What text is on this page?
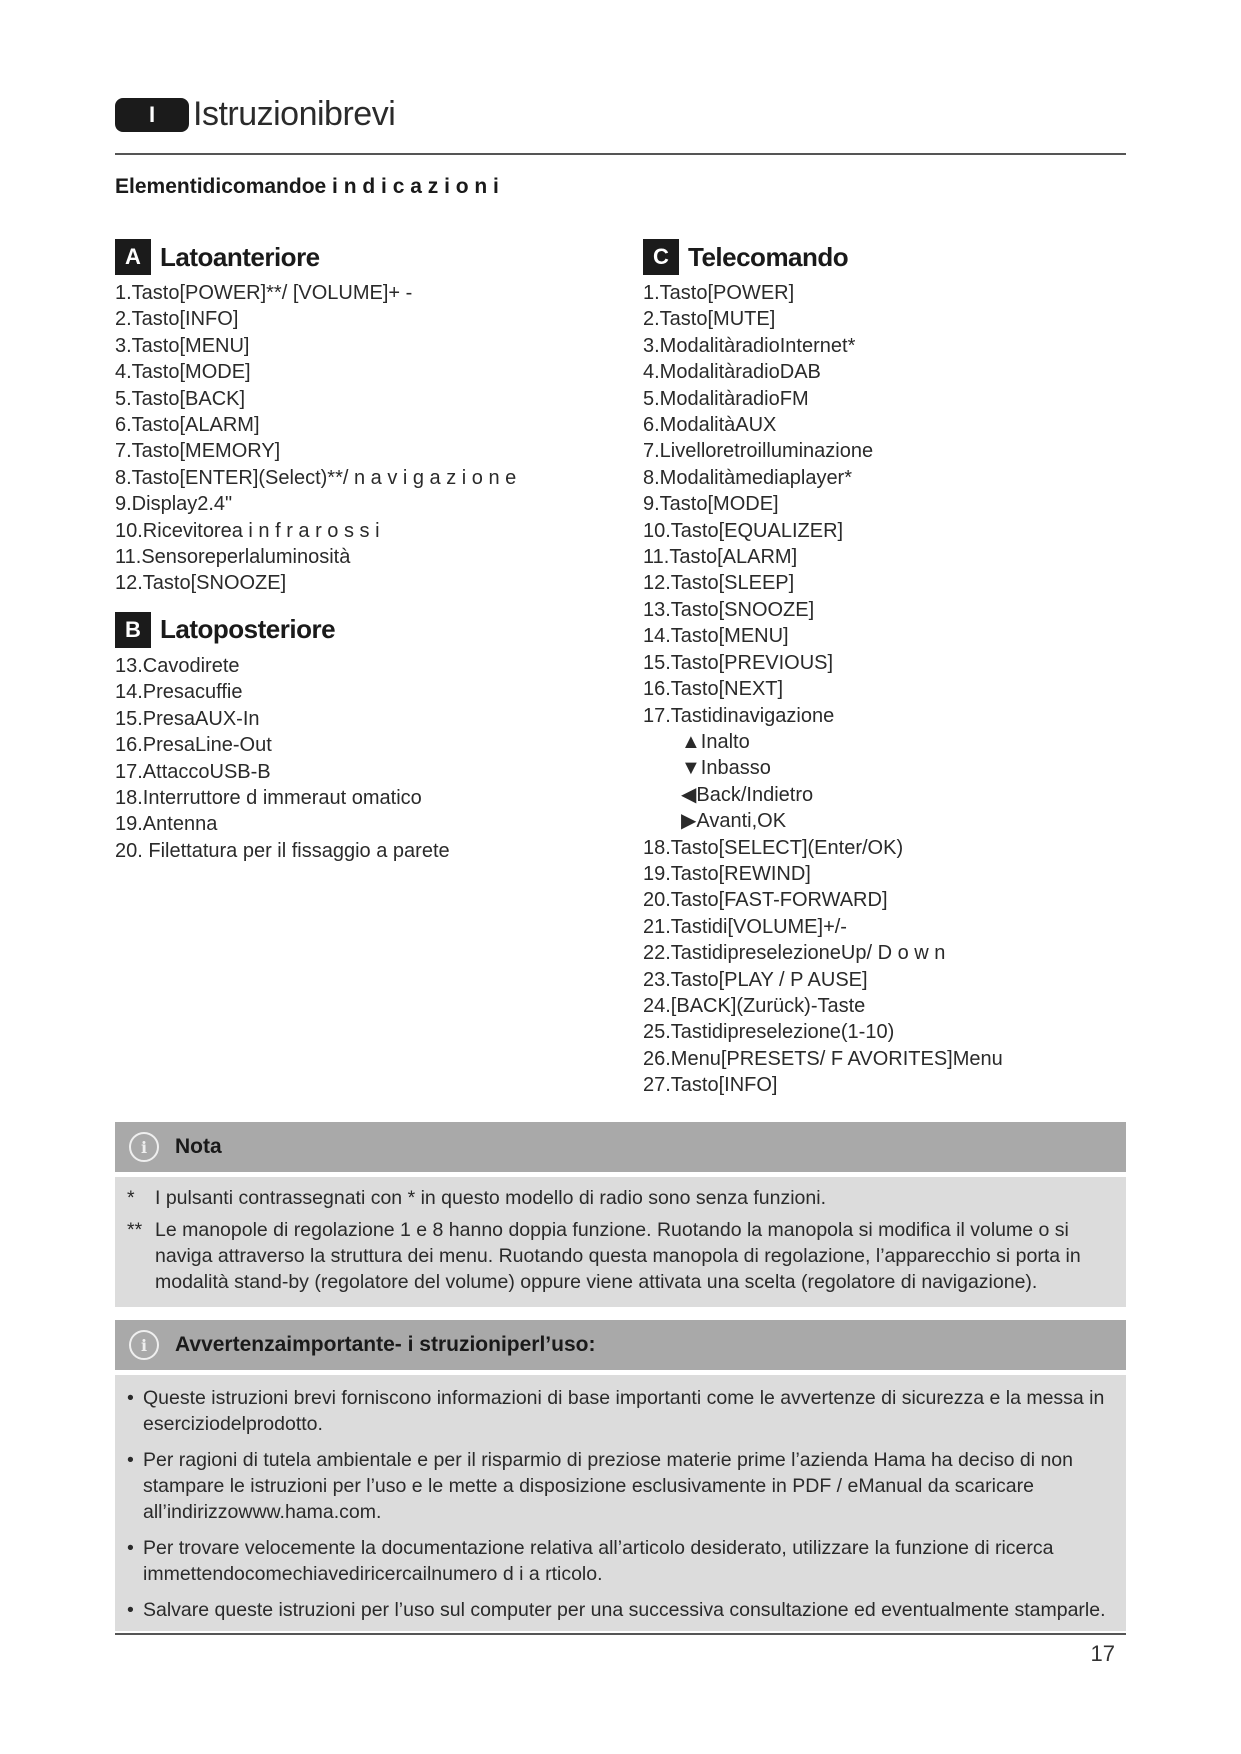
I	Istruzionibrevi
Elementidicomandoe i n d i c a z i o n i
A Latoanteriore
1.Tasto[POWER]**/ [VOLUME]+ -
2.Tasto[INFO]
3.Tasto[MENU]
4.Tasto[MODE]
5.Tasto[BACK]
6.Tasto[ALARM]
7.Tasto[MEMORY]
8.Tasto[ENTER](Select)**/ n a v i g a z i o n e
9.Display2.4"
10.Ricevitorea i n f r a r o s s i
11.Sensoreperlaluminosità
12.Tasto[SNOOZE]
B Latoposteriore
13.Cavodirete
14.Presacuffie
15.PresaAUX-In
16.PresaLine-Out
17.AttaccoUSB-B
18.Interruttore d immeraut omatico
19.Antenna
20. Filettatura per il fissaggio a parete
C Telecomando
1.Tasto[POWER]
2.Tasto[MUTE]
3.ModalitàradioInternet*
4.ModalitàradioDAB
5.ModalitàradioFM
6.ModalitàAUX
7.Livelloretroilluminazione
8.Modalitàmediaplayer*
9.Tasto[MODE]
10.Tasto[EQUALIZER]
11.Tasto[ALARM]
12.Tasto[SLEEP]
13.Tasto[SNOOZE]
14.Tasto[MENU]
15.Tasto[PREVIOUS]
16.Tasto[NEXT]
17.Tastidinavigazione
▲Inalto
▼Inbasso
◀Back/Indietro
▶Avanti,OK
18.Tasto[SELECT](Enter/OK)
19.Tasto[REWIND]
20.Tasto[FAST-FORWARD]
21.Tastidi[VOLUME]+/-
22.TastidipreselezioneUp/ D o w n
23.Tasto[PLAY / P AUSE]
24.[BACK](Zurück)-Taste
25.Tastidipreselezione(1-10)
26.Menu[PRESETS/ F AVORITES]Menu
27.Tasto[INFO]
i	Nota
*	I pulsanti contrassegnati con * in questo modello di radio sono senza funzioni.
** Le manopole di regolazione 1 e 8 hanno doppia funzione. Ruotando la manopola si modifica il volume o si naviga attraverso la struttura dei menu. Ruotando questa manopola di regolazione, l’apparecchio si porta in modalità stand-by (regolatore del volume) oppure viene attivata una scelta (regolatore di navigazione).
i	Avvertenzaimportante- i struzioniperl’uso:
• Queste istruzioni brevi forniscono informazioni di base importanti come le avvertenze di sicurezza e la messa in eserciziodelprodotto.
• Per ragioni di tutela ambientale e per il risparmio di preziose materie prime l’azienda Hama ha deciso di non stampare le istruzioni per l’uso e le mette a disposizione esclusivamente in PDF / eManual da scaricare all’indirizzowww.hama.com.
• Per trovare velocemente la documentazione relativa all’articolo desiderato, utilizzare la funzione di ricerca immettendocomechiavediricercailnumero d i a rticolo.
• Salvare queste istruzioni per l’uso sul computer per una successiva consultazione ed eventualmente stamparle.
17
